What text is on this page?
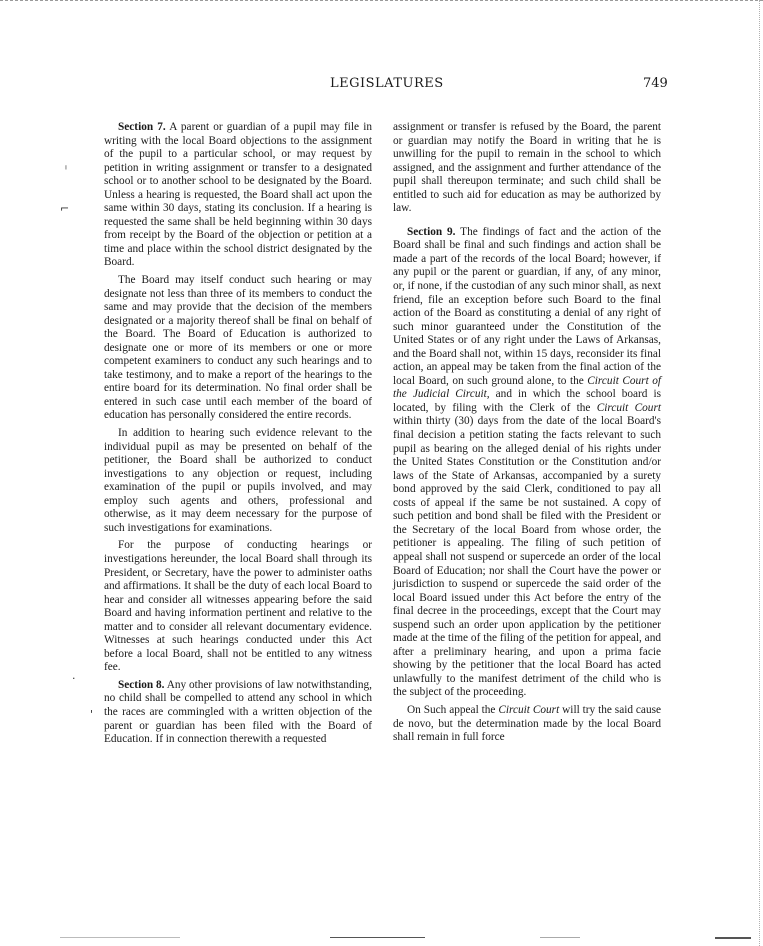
LEGISLATURES	749
ⁱ
⌐
·
'

Section 7. A parent or guardian of a pupil may file in writing with the local Board objections to the assignment of the pupil to a particular school, or may request by petition in writing assignment or transfer to a designated school or to another school to be designated by the Board. Unless a hearing is requested, the Board shall act upon the same within 30 days, stating its conclusion. If a hearing is requested the same shall be held beginning within 30 days from receipt by the Board of the objection or petition at a time and place within the school district designated by the Board.

The Board may itself conduct such hearing or may designate not less than three of its members to conduct the same and may provide that the decision of the members designated or a majority thereof shall be final on behalf of the Board. The Board of Education is authorized to designate one or more of its members or one or more competent examiners to conduct any such hearings and to take testimony, and to make a report of the hearings to the entire board for its determination. No final order shall be entered in such case until each member of the board of education has personally considered the entire records.

In addition to hearing such evidence relevant to the individual pupil as may be presented on behalf of the petitioner, the Board shall be authorized to conduct investigations to any objection or request, including examination of the pupil or pupils involved, and may employ such agents and others, professional and otherwise, as it may deem necessary for the purpose of such investigations for examinations.

For the purpose of conducting hearings or investigations hereunder, the local Board shall through its President, or Secretary, have the power to administer oaths and affirmations. It shall be the duty of each local Board to hear and consider all witnesses appearing before the said Board and having information pertinent and relative to the matter and to consider all relevant documentary evidence. Witnesses at such hearings conducted under this Act before a local Board, shall not be entitled to any witness fee.

Section 8. Any other provisions of law notwithstanding, no child shall be compelled to attend any school in which the races are commingled with a written objection of the parent or guardian has been filed with the Board of Education. If in connection therewith a requested

assignment or transfer is refused by the Board, the parent or guardian may notify the Board in writing that he is unwilling for the pupil to remain in the school to which assigned, and the assignment and further attendance of the pupil shall thereupon terminate; and such child shall be entitled to such aid for education as may be authorized by law.

Section 9. The findings of fact and the action of the Board shall be final and such findings and action shall be made a part of the records of the local Board; however, if any pupil or the parent or guardian, if any, of any minor, or, if none, if the custodian of any such minor shall, as next friend, file an exception before such Board to the final action of the Board as constituting a denial of any right of such minor guaranteed under the Constitution of the United States or of any right under the Laws of Arkansas, and the Board shall not, within 15 days, reconsider its final action, an appeal may be taken from the final action of the local Board, on such ground alone, to the Circuit Court of the Judicial Circuit, and in which the school board is located, by filing with the Clerk of the Circuit Court within thirty (30) days from the date of the local Board's final decision a petition stating the facts relevant to such pupil as bearing on the alleged denial of his rights under the United States Constitution or the Constitution and/or laws of the State of Arkansas, accompanied by a surety bond approved by the said Clerk, conditioned to pay all costs of appeal if the same be not sustained. A copy of such petition and bond shall be filed with the President or the Secretary of the local Board from whose order, the petitioner is appealing. The filing of such petition of appeal shall not suspend or supercede an order of the local Board of Education; nor shall the Court have the power or jurisdiction to suspend or supercede the said order of the local Board issued under this Act before the entry of the final decree in the proceedings, except that the Court may suspend such an order upon application by the petitioner made at the time of the filing of the petition for appeal, and after a preliminary hearing, and upon a prima facie showing by the petitioner that the local Board has acted unlawfully to the manifest detriment of the child who is the subject of the proceeding.

On Such appeal the Circuit Court will try the said cause de novo, but the determination made by the local Board shall remain in full force
